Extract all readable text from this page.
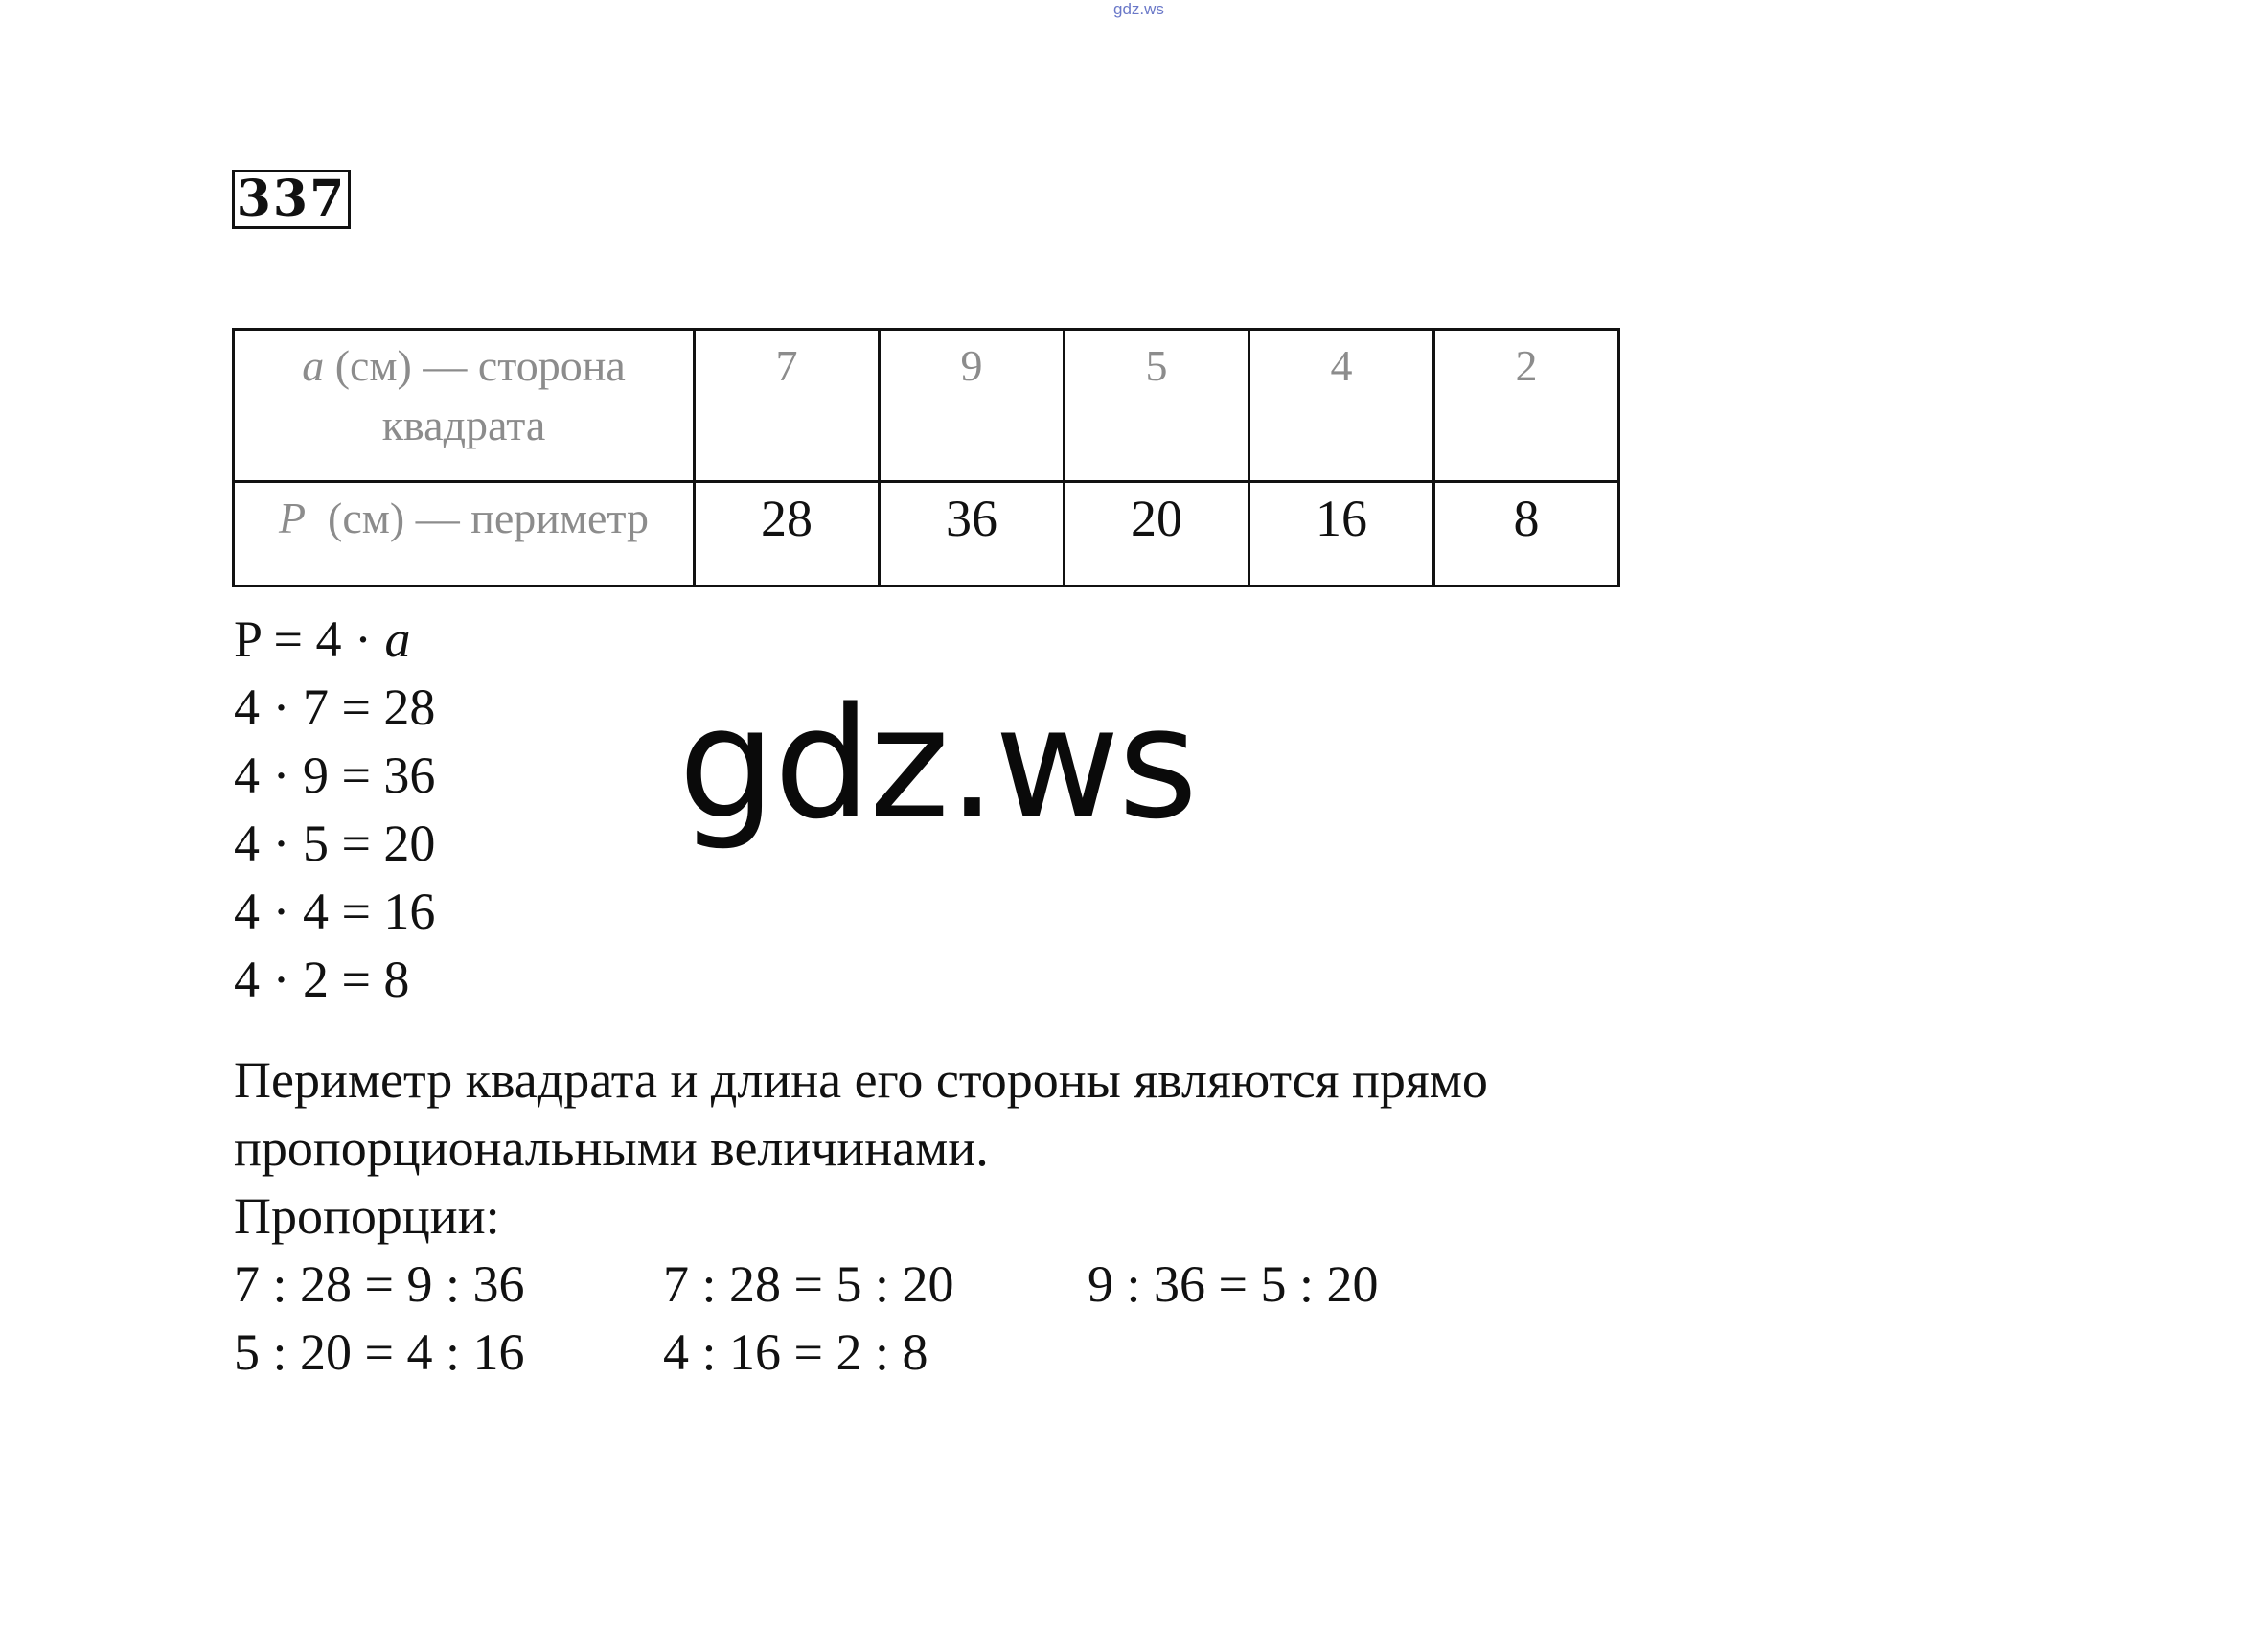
gdz.ws
337
a (см) — сторона
квадрата	7	9	5	4	2
P  (см) — периметр	28	36	20	16	8
P = 4 · a
4 · 7 = 28
4 · 9 = 36
4 · 5 = 20
4 · 4 = 16
4 · 2 = 8
gdz.ws
Периметр квадрата и длина его стороны являются прямо пропорциональными величинами.
Пропорции:
7 : 28 = 9 : 36	7 : 28 = 5 : 20	9 : 36 = 5 : 20
5 : 20 = 4 : 16	4 : 16 = 2 : 8
